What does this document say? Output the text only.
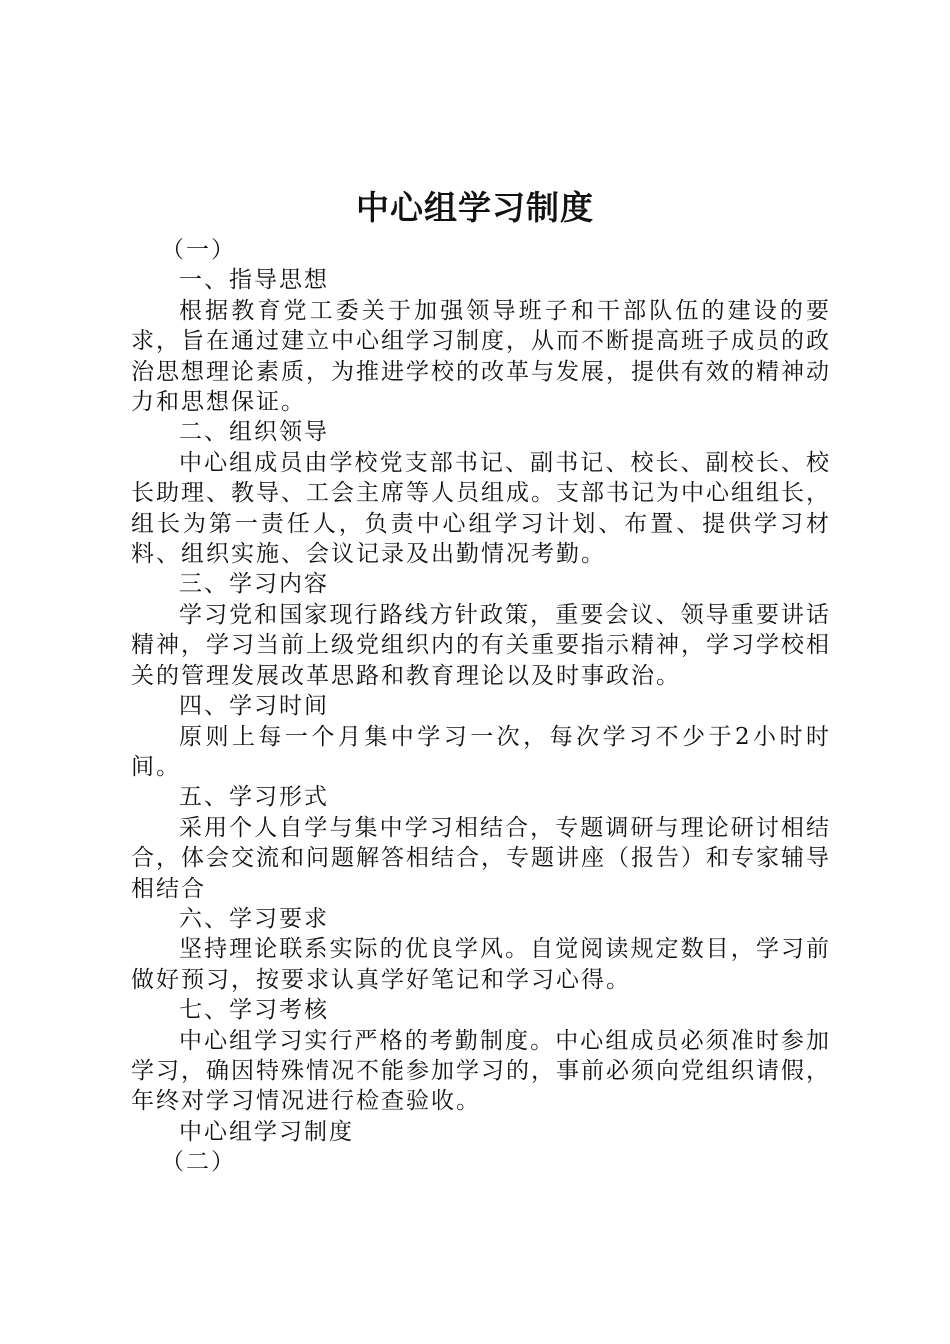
中心组学习制度

（一）

一、指导思想

根据教育党工委关于加强领导班子和干部队伍的建设的要求，旨在通过建立中心组学习制度，从而不断提高班子成员的政治思想理论素质，为推进学校的改革与发展，提供有效的精神动力和思想保证。

二、组织领导

中心组成员由学校党支部书记、副书记、校长、副校长、校长助理、教导、工会主席等人员组成。支部书记为中心组组长，组长为第一责任人，负责中心组学习计划、布置、提供学习材料、组织实施、会议记录及出勤情况考勤。

三、学习内容

学习党和国家现行路线方针政策，重要会议、领导重要讲话精神，学习当前上级党组织内的有关重要指示精神，学习学校相关的管理发展改革思路和教育理论以及时事政治。

四、学习时间

原则上每一个月集中学习一次，每次学习不少于2小时时间。

五、学习形式

采用个人自学与集中学习相结合，专题调研与理论研讨相结合，体会交流和问题解答相结合，专题讲座（报告）和专家辅导相结合

六、学习要求

坚持理论联系实际的优良学风。自觉阅读规定数目，学习前做好预习，按要求认真学好笔记和学习心得。

七、学习考核

中心组学习实行严格的考勤制度。中心组成员必须准时参加学习，确因特殊情况不能参加学习的，事前必须向党组织请假，年终对学习情况进行检查验收。

中心组学习制度

（二）
